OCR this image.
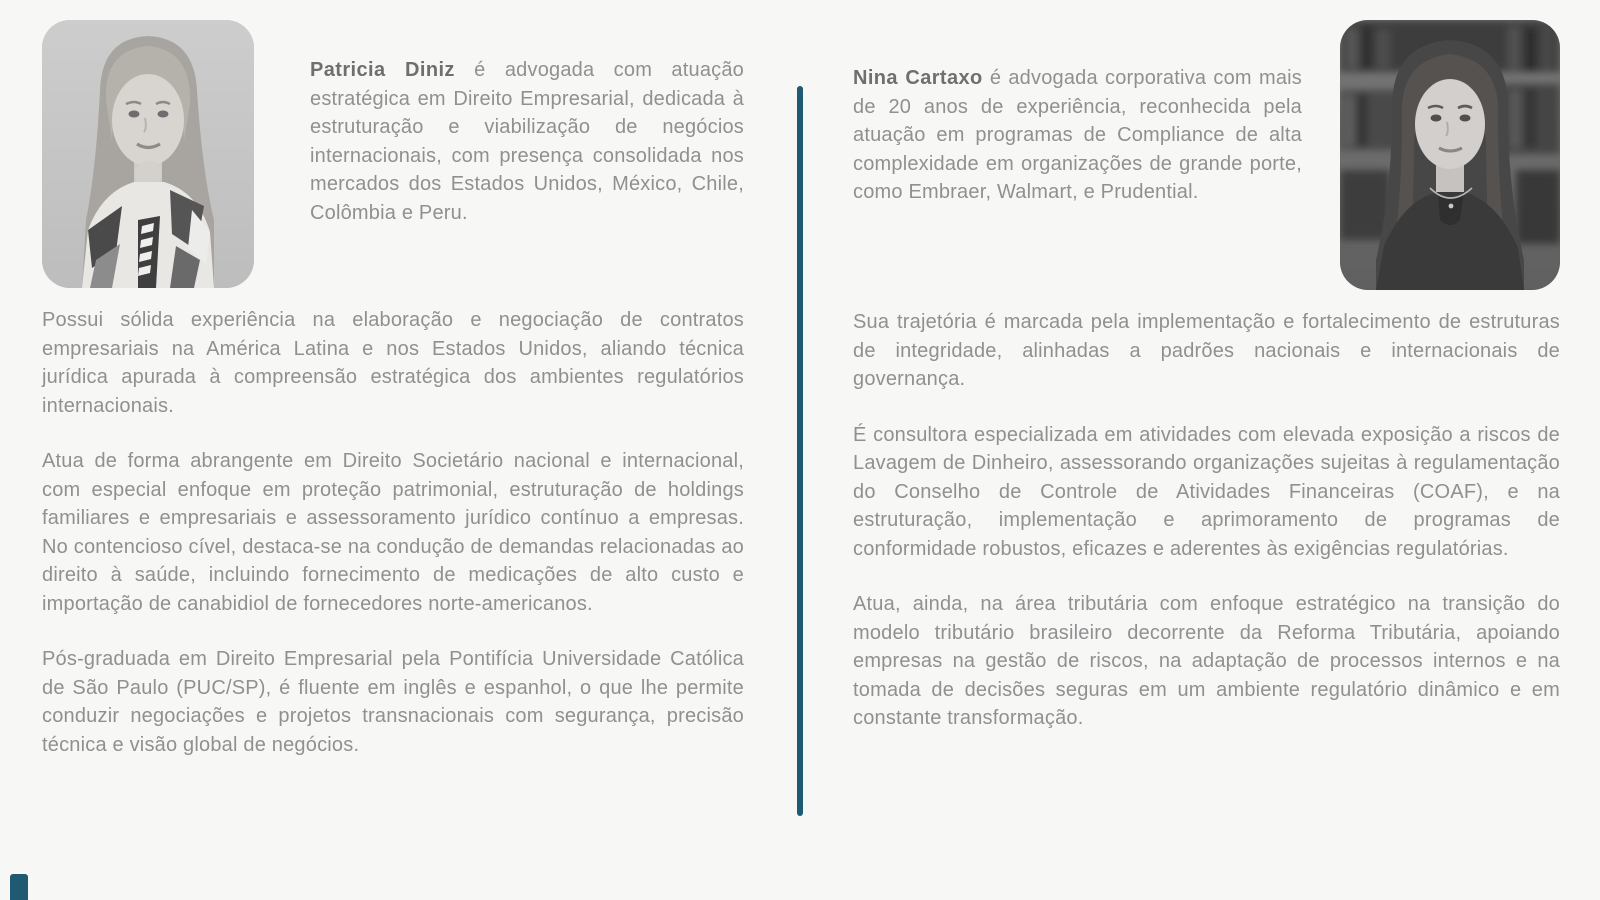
Patricia Diniz é advogada com atuação estratégica em Direito Empresarial, dedicada à estruturação e viabilização de negócios internacionais, com presença consolidada nos mercados dos Estados Unidos, México, Chile, Colômbia e Peru.

Possui sólida experiência na elaboração e negociação de contratos empresariais na América Latina e nos Estados Unidos, aliando técnica jurídica apurada à compreensão estratégica dos ambientes regulatórios internacionais.

Atua de forma abrangente em Direito Societário nacional e internacional, com especial enfoque em proteção patrimonial, estruturação de holdings familiares e empresariais e assessoramento jurídico contínuo a empresas. No contencioso cível, destaca-se na condução de demandas relacionadas ao direito à saúde, incluindo fornecimento de medicações de alto custo e importação de canabidiol de fornecedores norte-americanos.

Pós-graduada em Direito Empresarial pela Pontifícia Universidade Católica de São Paulo (PUC/SP), é fluente em inglês e espanhol, o que lhe permite conduzir negociações e projetos transnacionais com segurança, precisão técnica e visão global de negócios.

Nina Cartaxo é advogada corporativa com mais de 20 anos de experiência, reconhecida pela atuação em programas de Compliance de alta complexidade em organizações de grande porte, como Embraer, Walmart, e Prudential.

Sua trajetória é marcada pela implementação e fortalecimento de estruturas de integridade, alinhadas a padrões nacionais e internacionais de governança.

É consultora especializada em atividades com elevada exposição a riscos de Lavagem de Dinheiro, assessorando organizações sujeitas à regulamentação do Conselho de Controle de Atividades Financeiras (COAF), e na estruturação, implementação e aprimoramento de programas de conformidade robustos, eficazes e aderentes às exigências regulatórias.

Atua, ainda, na área tributária com enfoque estratégico na transição do modelo tributário brasileiro decorrente da Reforma Tributária, apoiando empresas na gestão de riscos, na adaptação de processos internos e na tomada de decisões seguras em um ambiente regulatório dinâmico e em constante transformação.
